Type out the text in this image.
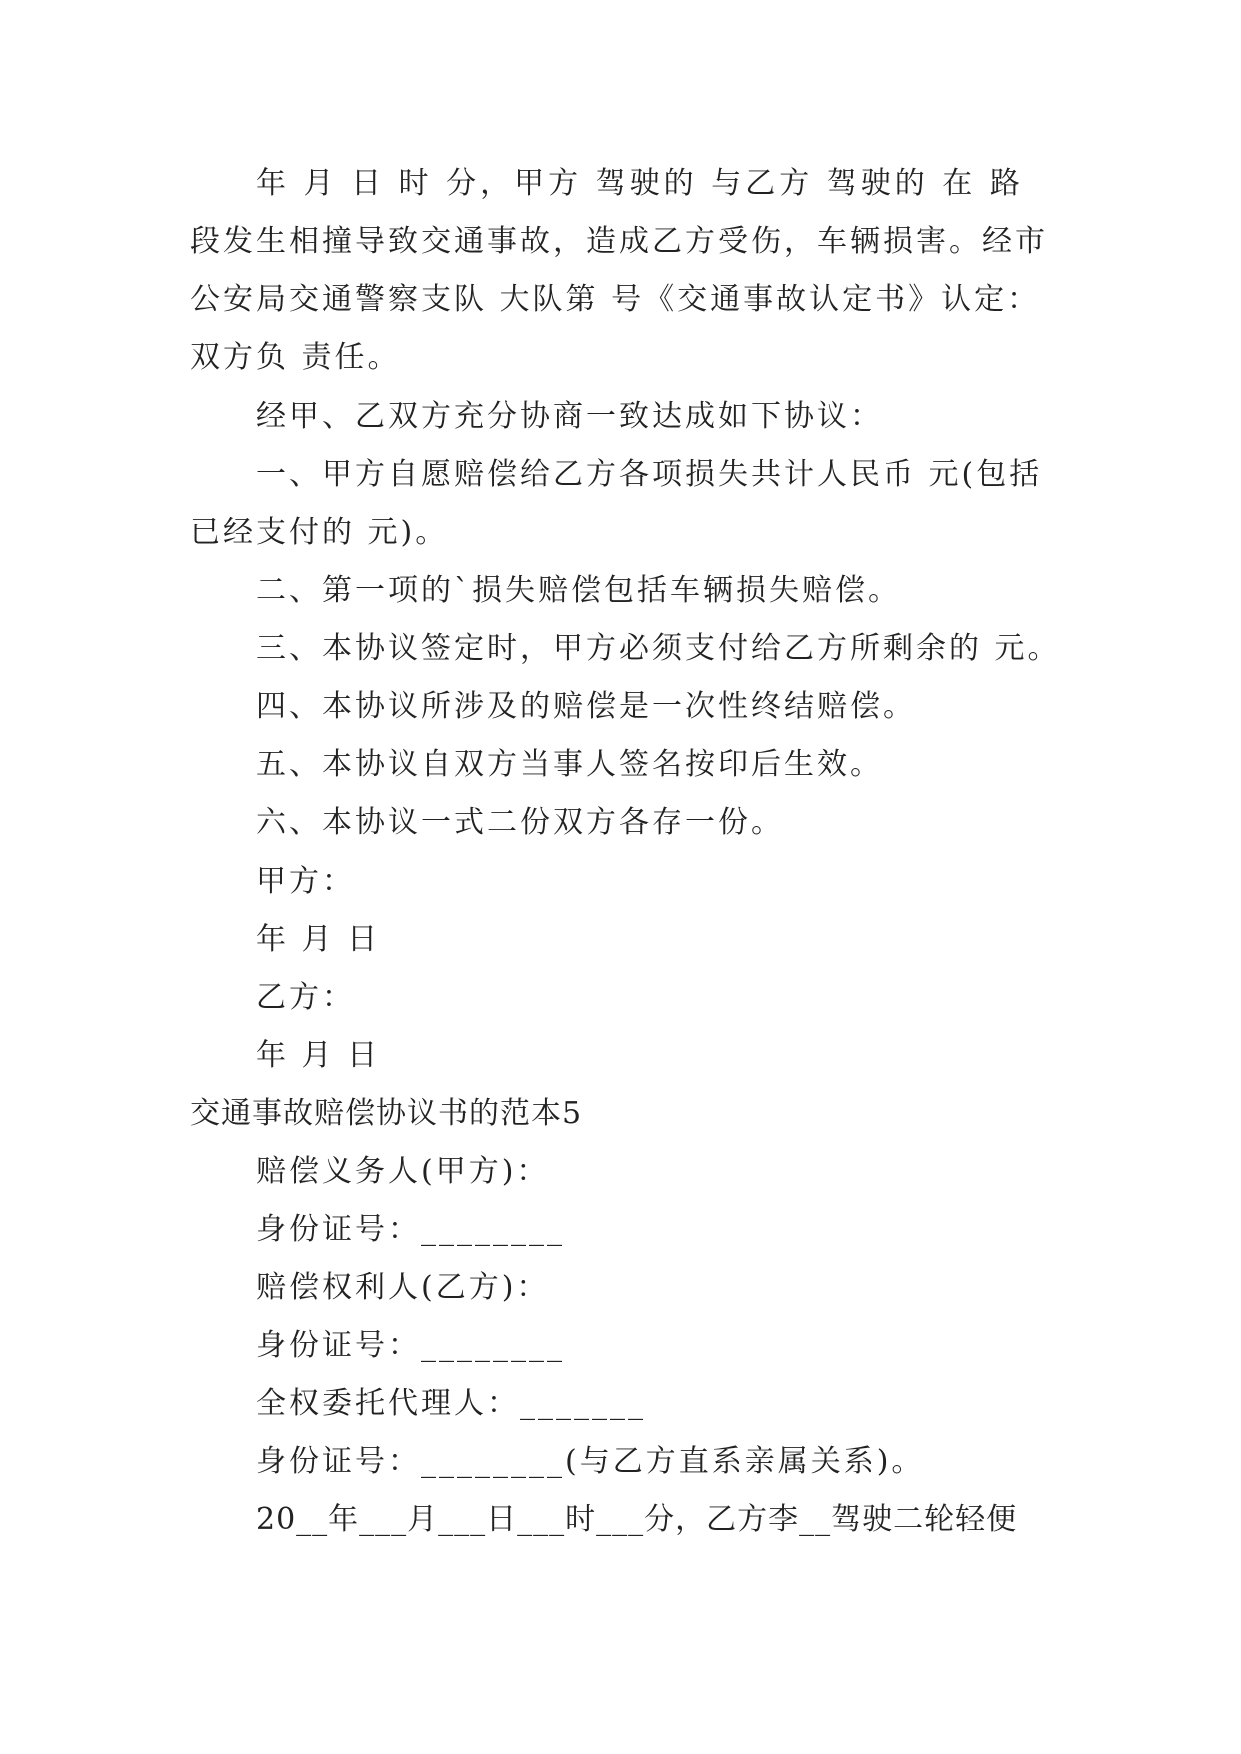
年 月 日 时 分，甲方 驾驶的 与乙方 驾驶的 在 路
段发生相撞导致交通事故，造成乙方受伤，车辆损害。经市
公安局交通警察支队 大队第 号《交通事故认定书》认定：
双方负 责任。
经甲、乙双方充分协商一致达成如下协议：
一、甲方自愿赔偿给乙方各项损失共计人民币 元(包括
已经支付的 元)。
二、第一项的`损失赔偿包括车辆损失赔偿。
三、本协议签定时，甲方必须支付给乙方所剩余的 元。
四、本协议所涉及的赔偿是一次性终结赔偿。
五、本协议自双方当事人签名按印后生效。
六、本协议一式二份双方各存一份。
甲方：
年 月 日
乙方：
年 月 日
交通事故赔偿协议书的范本5
赔偿义务人(甲方)：
身份证号：________
赔偿权利人(乙方)：
身份证号：________
全权委托代理人：_______
身份证号：________(与乙方直系亲属关系)。
20__年___月___日___时___分，乙方李__驾驶二轮轻便
